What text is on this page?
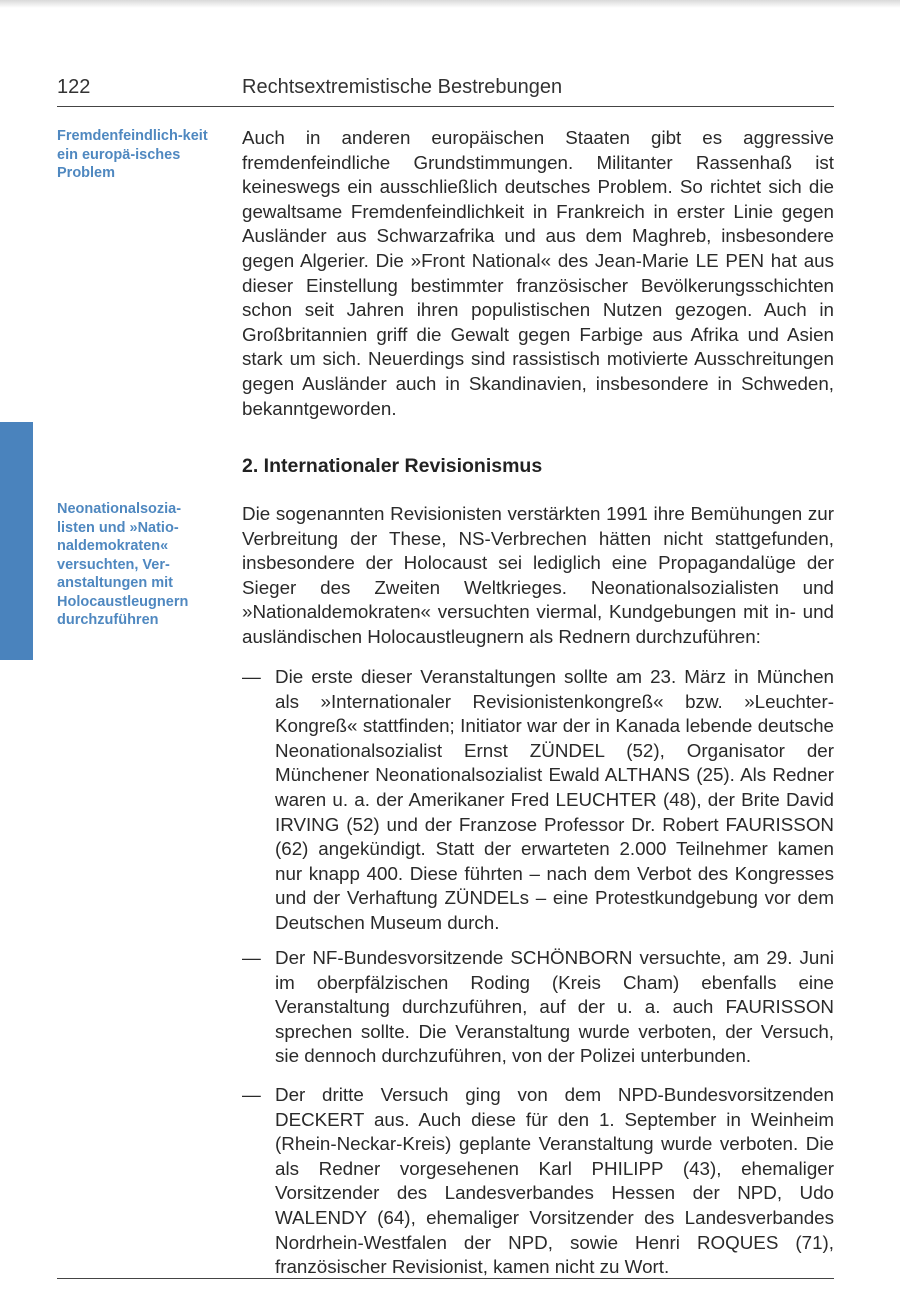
122	Rechtsextremistische Bestrebungen
Fremdenfeindlich-keit ein europä-isches Problem

Auch in anderen europäischen Staaten gibt es aggressive fremdenfeindliche Grundstimmungen. Militanter Rassenhaß ist keineswegs ein ausschließlich deutsches Problem. So richtet sich die gewaltsame Fremdenfeindlichkeit in Frankreich in erster Linie gegen Ausländer aus Schwarzafrika und aus dem Maghreb, insbesondere gegen Algerier. Die »Front National« des Jean-Marie LE PEN hat aus dieser Einstellung bestimmter französischer Bevölkerungsschichten schon seit Jahren ihren populistischen Nutzen gezogen. Auch in Großbritannien griff die Gewalt gegen Farbige aus Afrika und Asien stark um sich. Neuerdings sind rassistisch motivierte Ausschreitungen gegen Ausländer auch in Skandinavien, insbesondere in Schweden, bekanntgeworden.

2. Internationaler Revisionismus
Neonationalsozia-listen und »Natio-naldemokraten« versuchten, Ver-anstaltungen mit Holocaustleugnern durchzuführen

Die sogenannten Revisionisten verstärkten 1991 ihre Bemühungen zur Verbreitung der These, NS-Verbrechen hätten nicht stattgefunden, insbesondere der Holocaust sei lediglich eine Propagandalüge der Sieger des Zweiten Weltkrieges. Neonationalsozialisten und »Nationaldemokraten« versuchten viermal, Kundgebungen mit in- und ausländischen Holocaustleugnern als Rednern durchzuführen:

— Die erste dieser Veranstaltungen sollte am 23. März in München als »Internationaler Revisionistenkongreß« bzw. »Leuchter-Kongreß« stattfinden; Initiator war der in Kanada lebende deutsche Neonationalsozialist Ernst ZÜNDEL (52), Organisator der Münchener Neonationalsozialist Ewald ALTHANS (25). Als Redner waren u. a. der Amerikaner Fred LEUCHTER (48), der Brite David IRVING (52) und der Franzose Professor Dr. Robert FAURISSON (62) angekündigt. Statt der erwarteten 2.000 Teilnehmer kamen nur knapp 400. Diese führten – nach dem Verbot des Kongresses und der Verhaftung ZÜNDELs – eine Protestkundgebung vor dem Deutschen Museum durch.

— Der NF-Bundesvorsitzende SCHÖNBORN versuchte, am 29. Juni im oberpfälzischen Roding (Kreis Cham) ebenfalls eine Veranstaltung durchzuführen, auf der u. a. auch FAURISSON sprechen sollte. Die Veranstaltung wurde verboten, der Versuch, sie dennoch durchzuführen, von der Polizei unterbunden.

— Der dritte Versuch ging von dem NPD-Bundesvorsitzenden DECKERT aus. Auch diese für den 1. September in Weinheim (Rhein-Neckar-Kreis) geplante Veranstaltung wurde verboten. Die als Redner vorgesehenen Karl PHILIPP (43), ehemaliger Vorsitzender des Landesverbandes Hessen der NPD, Udo WALENDY (64), ehemaliger Vorsitzender des Landesverbandes Nordrhein-Westfalen der NPD, sowie Henri ROQUES (71), französischer Revisionist, kamen nicht zu Wort.
